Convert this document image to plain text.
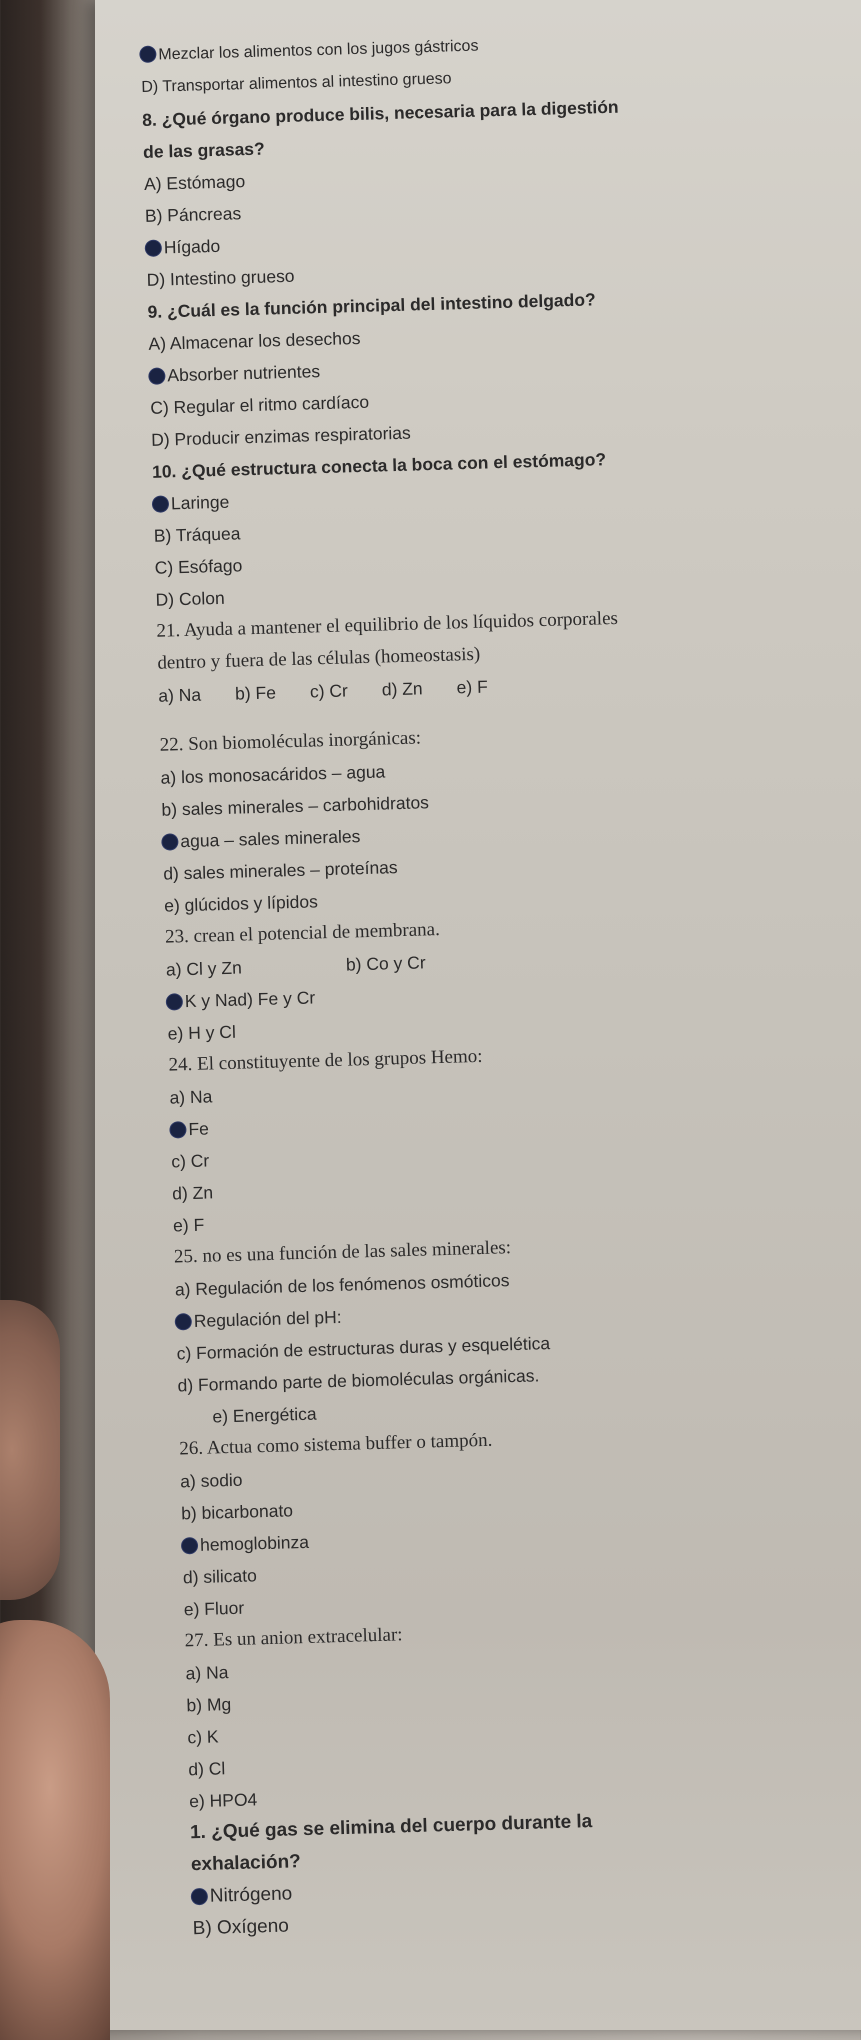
Mezclar los alimentos con los jugos gástricos
D) Transportar alimentos al intestino grueso
8. ¿Qué órgano produce bilis, necesaria para la digestión
de las grasas?
A) Estómago
B) Páncreas
Hígado
D) Intestino grueso
9. ¿Cuál es la función principal del intestino delgado?
A) Almacenar los desechos
Absorber nutrientes
C) Regular el ritmo cardíaco
D) Producir enzimas respiratorias
10. ¿Qué estructura conecta la boca con el estómago?
Laringe
B) Tráquea
C) Esófago
D) Colon
21. Ayuda a mantener el equilibrio de los líquidos corporales
dentro y fuera de las células (homeostasis)
a) Na b) Fe c) Cr d) Zn e) F
22. Son biomoléculas inorgánicas:
a) los monosacáridos – agua
b) sales minerales – carbohidratos
agua – sales minerales
d) sales minerales – proteínas
e) glúcidos y lípidos
23. crean el potencial de membrana.
a) Cl y Zn	b) Co y Cr
K y Nad) Fe y Cr
e) H y Cl
24. El constituyente de los grupos Hemo:
a) Na
Fe
c) Cr
d) Zn
e) F
25. no es una función de las sales minerales:
a) Regulación de los fenómenos osmóticos
Regulación del pH:
c) Formación de estructuras duras y esquelética
d) Formando parte de biomoléculas orgánicas.
e) Energética
26. Actua como sistema buffer o tampón.
a) sodio
b) bicarbonato
hemoglobinza
d) silicato
e) Fluor
27. Es un anion extracelular:
a) Na
b) Mg
c) K
d) Cl
e) HPO4
1. ¿Qué gas se elimina del cuerpo durante la
exhalación?
Nitrógeno
B) Oxígeno
